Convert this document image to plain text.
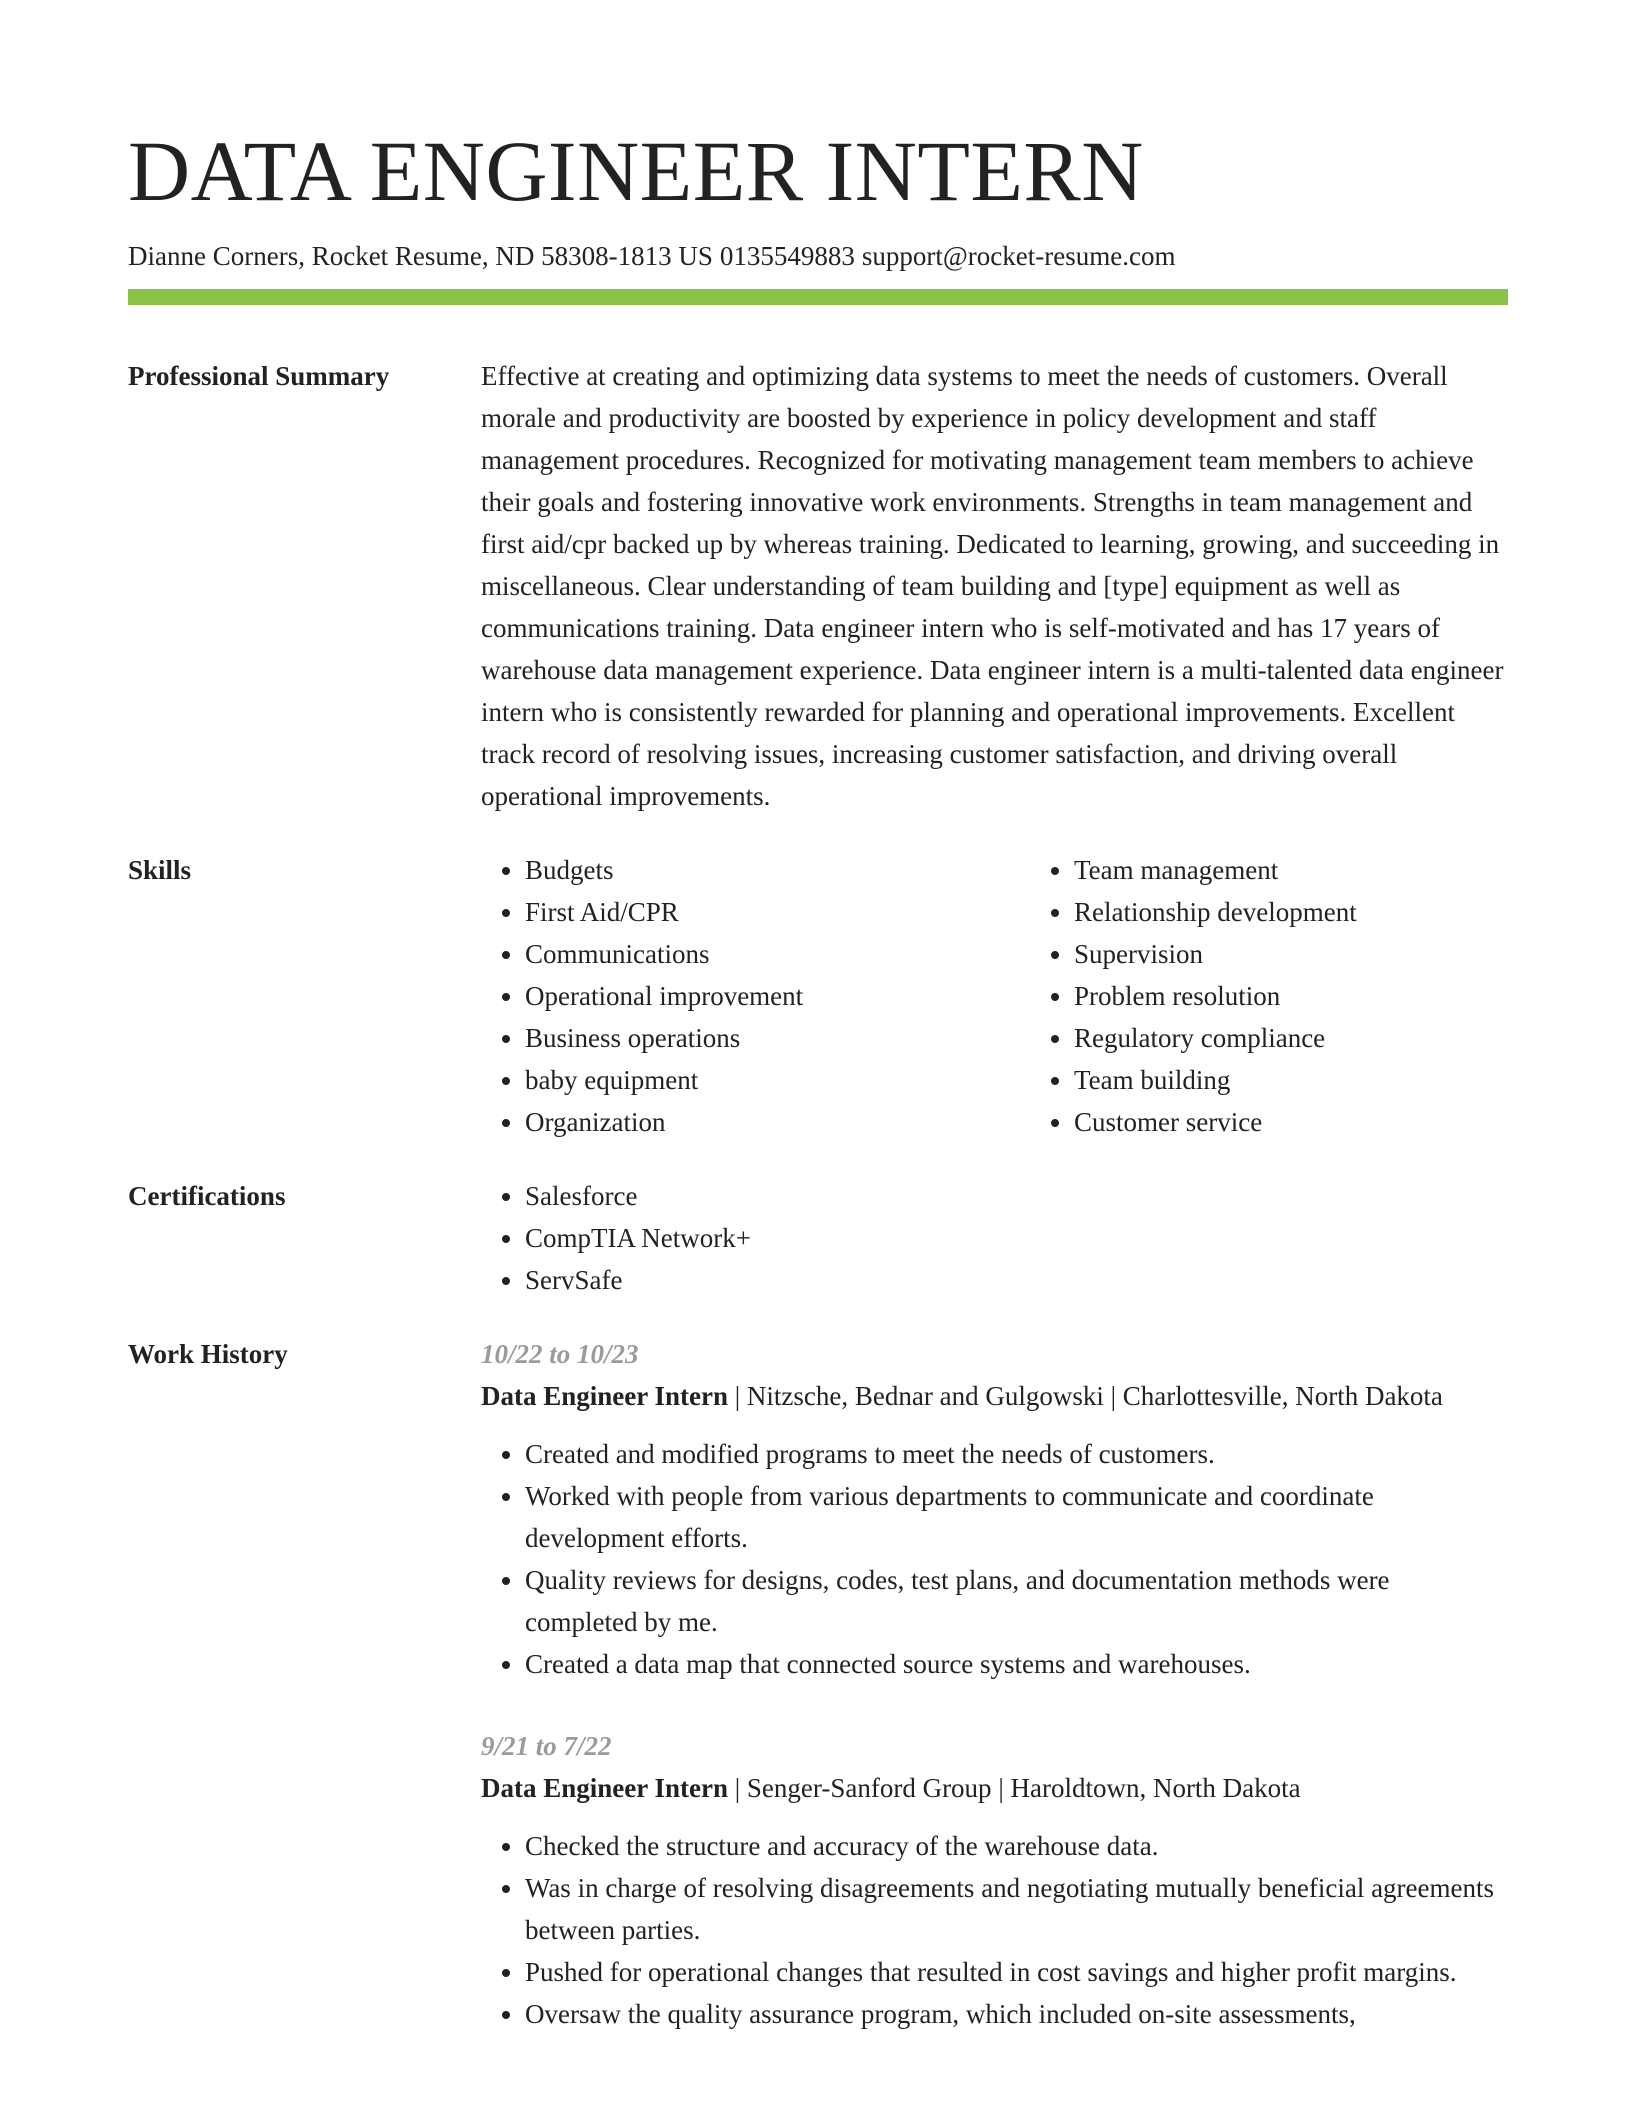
DATA ENGINEER INTERN
Dianne Corners, Rocket Resume, ND 58308-1813 US 0135549883 support@rocket-resume.com
Professional Summary	Effective at creating and optimizing data systems to meet the needs of customers. Overall morale and productivity are boosted by experience in policy development and staff management procedures. Recognized for motivating management team members to achieve their goals and fostering innovative work environments. Strengths in team management and first aid/cpr backed up by whereas training. Dedicated to learning, growing, and succeeding in miscellaneous. Clear understanding of team building and [type] equipment as well as communications training. Data engineer intern who is self-motivated and has 17 years of warehouse data management experience. Data engineer intern is a multi-talented data engineer intern who is consistently rewarded for planning and operational improvements. Excellent track record of resolving issues, increasing customer satisfaction, and driving overall operational improvements.

Skills	• Budgets
• First Aid/CPR
• Communications
• Operational improvement
• Business operations
• baby equipment
• Organization
• Team management
• Relationship development
• Supervision
• Problem resolution
• Regulatory compliance
• Team building
• Customer service
Certifications	• Salesforce
• CompTIA Network+
• ServSafe
Work History	10/22 to 10/23
Data Engineer Intern | Nitzsche, Bednar and Gulgowski | Charlottesville, North Dakota
• Created and modified programs to meet the needs of customers.
• Worked with people from various departments to communicate and coordinate development efforts.
• Quality reviews for designs, codes, test plans, and documentation methods were completed by me.
• Created a data map that connected source systems and warehouses.
9/21 to 7/22
Data Engineer Intern | Senger-Sanford Group | Haroldtown, North Dakota
• Checked the structure and accuracy of the warehouse data.
• Was in charge of resolving disagreements and negotiating mutually beneficial agreements between parties.
• Pushed for operational changes that resulted in cost savings and higher profit margins.
• Oversaw the quality assurance program, which included on-site assessments,
